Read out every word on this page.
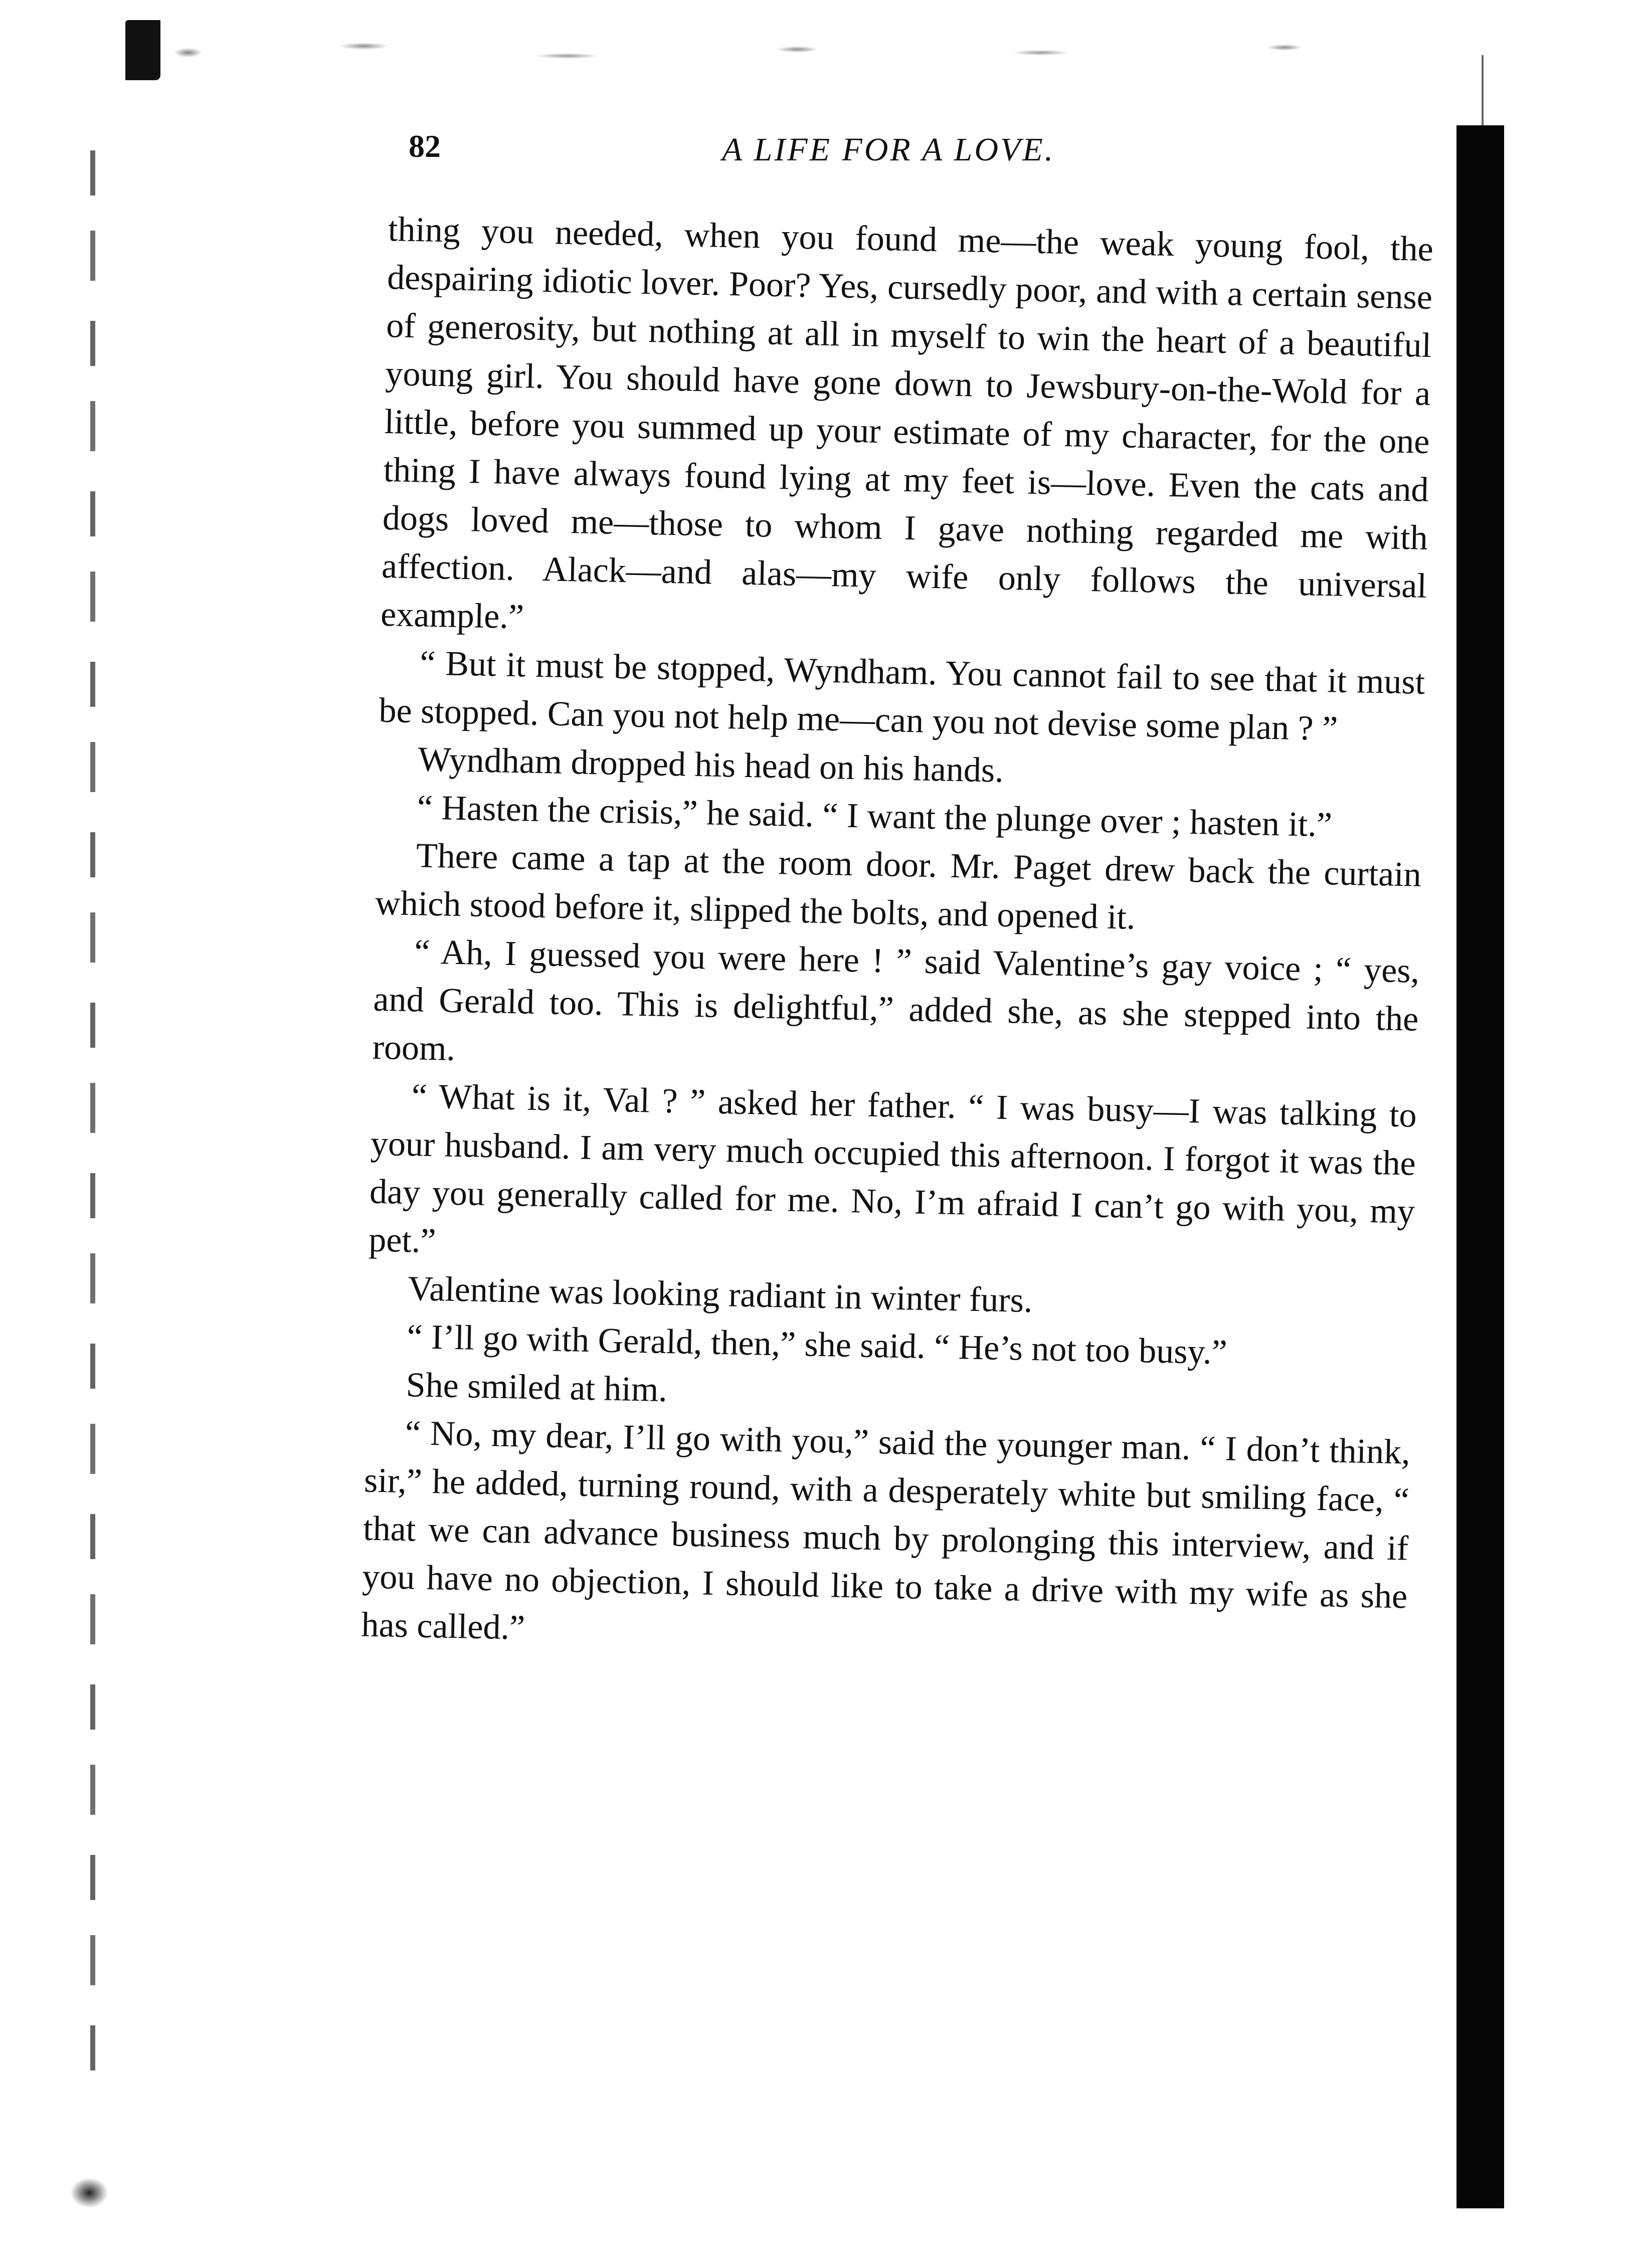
82	A LIFE FOR A LOVE.

thing you needed, when you found me—the weak young fool, the despairing idiotic lover. Poor? Yes, cursedly poor, and with a certain sense of generosity, but nothing at all in myself to win the heart of a beautiful young girl. You should have gone down to Jewsbury-on-the-Wold for a little, before you summed up your estimate of my character, for the one thing I have always found lying at my feet is—love. Even the cats and dogs loved me—those to whom I gave nothing regarded me with affection. Alack—and alas—my wife only follows the universal example.”

“ But it must be stopped, Wyndham. You cannot fail to see that it must be stopped. Can you not help me—can you not devise some plan ? ”

Wyndham dropped his head on his hands.

“ Hasten the crisis,” he said. “ I want the plunge over ; hasten it.”

There came a tap at the room door. Mr. Paget drew back the curtain which stood before it, slipped the bolts, and opened it.

“ Ah, I guessed you were here ! ” said Valentine’s gay voice ; “ yes, and Gerald too. This is delightful,” added she, as she stepped into the room.

“ What is it, Val ? ” asked her father. “ I was busy—I was talking to your husband. I am very much occupied this afternoon. I forgot it was the day you generally called for me. No, I’m afraid I can’t go with you, my pet.”

Valentine was looking radiant in winter furs.

“ I’ll go with Gerald, then,” she said. “ He’s not too busy.”

She smiled at him.

“ No, my dear, I’ll go with you,” said the younger man. “ I don’t think, sir,” he added, turning round, with a desperately white but smiling face, “ that we can advance business much by prolonging this interview, and if you have no objection, I should like to take a drive with my wife as she has called.”
